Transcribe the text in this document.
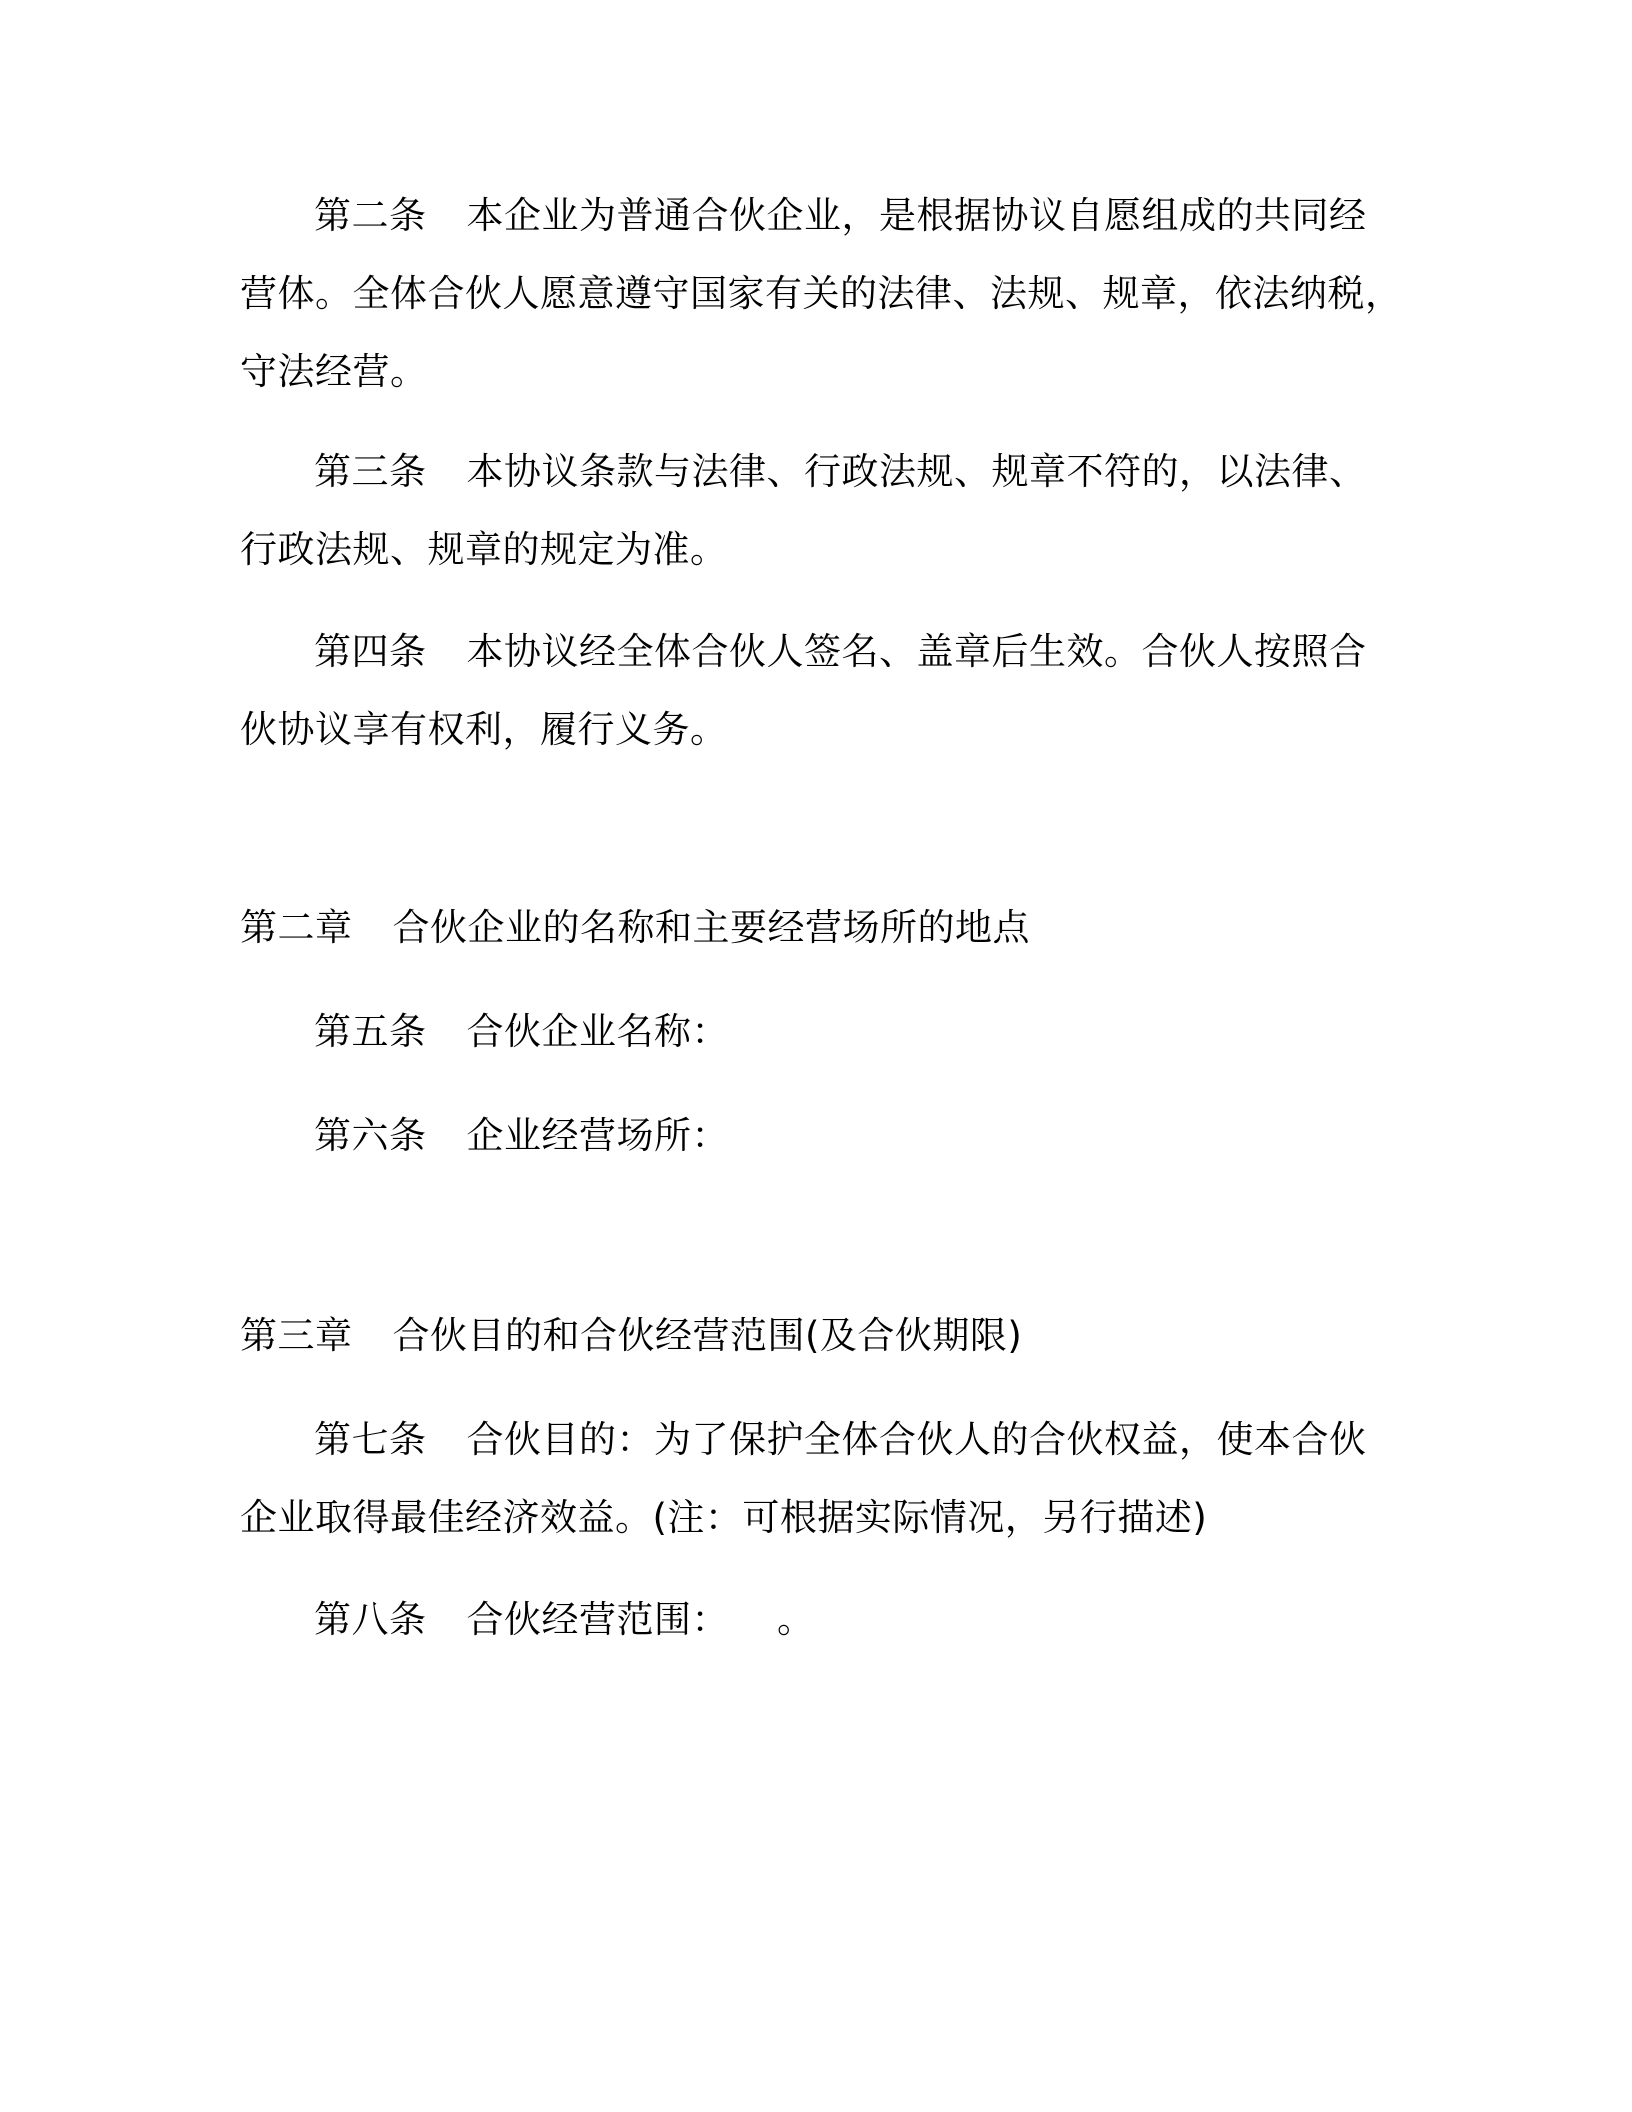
第二条 本企业为普通合伙企业，是根据协议自愿组成的共同经
营体。全体合伙人愿意遵守国家有关的法律、法规、规章，依法纳税，
守法经营。
第三条 本协议条款与法律、行政法规、规章不符的，以法律、
行政法规、规章的规定为准。
第四条 本协议经全体合伙人签名、盖章后生效。合伙人按照合
伙协议享有权利，履行义务。
第二章 合伙企业的名称和主要经营场所的地点
第五条 合伙企业名称：
第六条 企业经营场所：
第三章 合伙目的和合伙经营范围(及合伙期限)
第七条 合伙目的：为了保护全体合伙人的合伙权益，使本合伙
企业取得最佳经济效益。(注：可根据实际情况，另行描述)
第八条 合伙经营范围： 。
